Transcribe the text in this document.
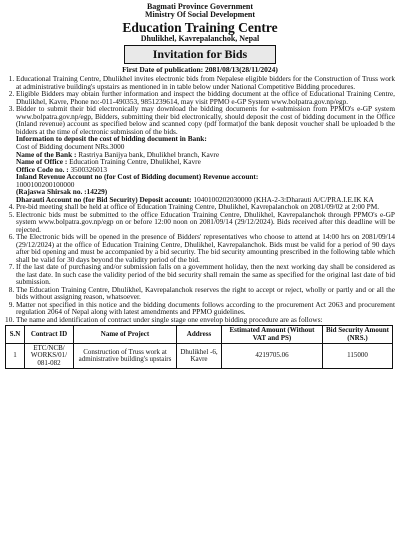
Bagmati Province Government
Ministry Of Social Development
Education Training Centre
Dhulikhel, Kavrepalanchok, Nepal
Invitation for Bids
First Date of publication: 2081/08/13(28/11/2024)
1. Educational Training Centre, Dhulikhel invites electronic bids from Nepalese eligible bidders for the Construction of Truss work at administrative building's upstairs as mentioned in in table below under National Competitive Bidding procedures.
2. Eligible Bidders may obtain further information and inspect the bidding document at the office of Educational Training Centre, Dhulikhel, Kavre, Phone no:-011-490353, 9851239614, may visit PPMO e-GP System www.bolpatra.gov.np/egp.
3. Bidder to submit their bid electronically may download the bidding documents for e-submission from PPMO's e-GP system www.bolpatra.gov.np/egp, Bidders, submitting their bid electronically, should deposit the cost of bidding document in the Office (Inland revenue) account as specified below and scanned copy (pdf format)of the bank deposit voucher shall be uploaded b the bidders at the time of electronic submission of the bids.
Information to deposit the cost of bidding document in Bank:
Cost of Bidding document NRs.3000
Name of the Bank : Rastriya Banijya bank, Dhulikhel branch, Kavre
Name of Office : Education Training Centre, Dhulikhel, Kavre
Office Code no. : 3500326013
Inland Revenue Account no (for Cost of Bidding document) Revenue account:
1000100200100000
(Rajaswa Shirsak no. :14229)
Dharauti Account no (for Bid Security) Deposit account: 1040100202030000 (KHA-2-3:Dharauti A/C/PRA.I.E.IK KA
4. Pre-bid meeting shall be held at office of Education Training Centre, Dhulikhel, Kavrepalanchok on 2081/09/02 at 2:00 PM.
5. Electronic bids must be submitted to the office Education Training Centre, Dhulikhel, Kavrepalanchok through PPMO's e-GP system www.bolpatra.gov.np/egp on or before 12:00 noon on 2081/09/14 (29/12/2024). Bids received after this deadline will be rejected.
6. The Electronic bids will be opened in the presence of Bidders' representatives who choose to attend at 14:00 hrs on 2081/09/14 (29/12/2024) at the office of Education Training Centre, Dhulikhel, Kavrepalanchok. Bids must be valid for a period of 90 days after bid opening and must be accompanied by a bid security. The bid security amounting prescribed in the following table which shall be valid for 30 days beyond the validity period of the bid.
7. If the last date of purchasing and/or submission falls on a government holiday, then the next working day shall be considered as the last date. In such case the validity period of the bid security shall remain the same as specified for the original last date of bid submission.
8. The Education Training Centre, Dhulikhel, Kavrepalanchok reserves the right to accept or reject, wholly or partly and or all the bids without assigning reason, whatsoever.
9. Matter not specified in this notice and the bidding documents follows according to the procurement Act 2063 and procurement regulation 2064 of Nepal along with latest amendments and PPMO guidelines.
10. The name and identification of contract under single stage one envelop bidding procedure are as follows:
S.N	Contract ID	Name of Project	Address	Estimated Amount (Without VAT and PS)	Bid Security Amount (NRS.)
1	ETC/NCB/ WORKS/01/ 081-082	Construction of Truss work at administrative building's upstairs	Dhulikhel -6, Kavre	4219705.06	115000
